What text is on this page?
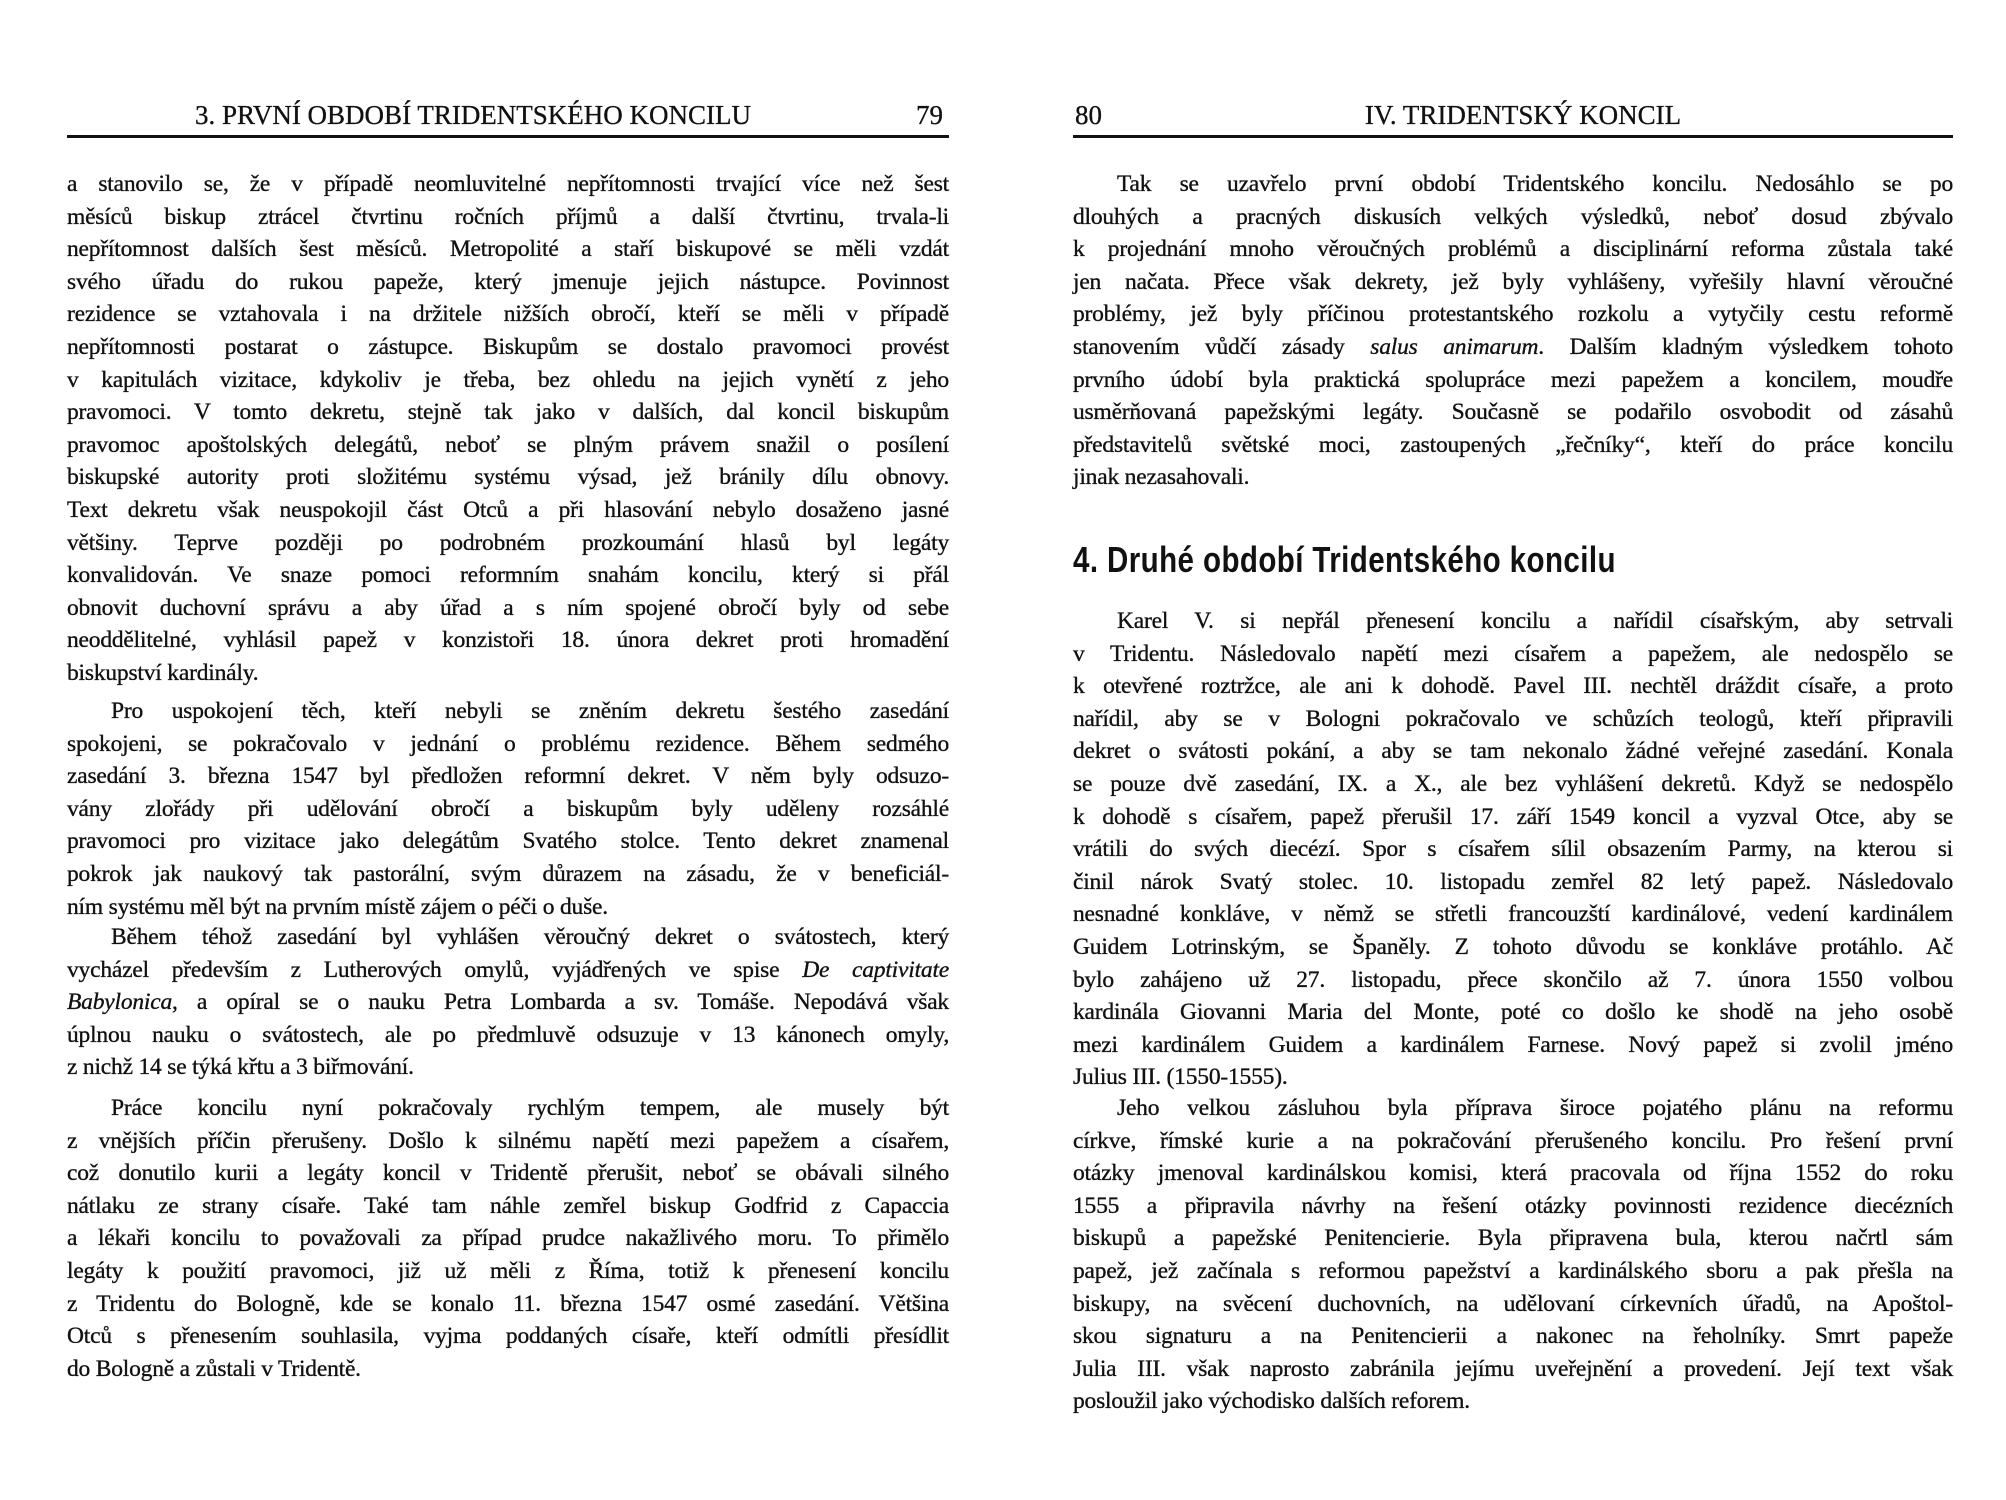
3. PRVNÍ OBDOBÍ TRIDENTSKÉHO KONCILU	79
a stanovilo se, že v případě neomluvitelné nepřítomnosti trvající více než šest
měsíců biskup ztrácel čtvrtinu ročních příjmů a další čtvrtinu, trvala-li
nepřítomnost dalších šest měsíců. Metropolité a staří biskupové se měli vzdát
svého úřadu do rukou papeže, který jmenuje jejich nástupce. Povinnost
rezidence se vztahovala i na držitele nižších obročí, kteří se měli v případě
nepřítomnosti postarat o zástupce. Biskupům se dostalo pravomoci provést
v kapitulách vizitace, kdykoliv je třeba, bez ohledu na jejich vynětí z jeho
pravomoci. V tomto dekretu, stejně tak jako v dalších, dal koncil biskupům
pravomoc apoštolských delegátů, neboť se plným právem snažil o posílení
biskupské autority proti složitému systému výsad, jež bránily dílu obnovy.
Text dekretu však neuspokojil část Otců a při hlasování nebylo dosaženo jasné
většiny. Teprve později po podrobném prozkoumání hlasů byl legáty
konvalidován. Ve snaze pomoci reformním snahám koncilu, který si přál
obnovit duchovní správu a aby úřad a s ním spojené obročí byly od sebe
neoddělitelné, vyhlásil papež v konzistoři 18. února dekret proti hromadění
biskupství kardinály.
Pro uspokojení těch, kteří nebyli se zněním dekretu šestého zasedání
spokojeni, se pokračovalo v jednání o problému rezidence. Během sedmého
zasedání 3. března 1547 byl předložen reformní dekret. V něm byly odsuzo-
vány zlořády při udělování obročí a biskupům byly uděleny rozsáhlé
pravomoci pro vizitace jako delegátům Svatého stolce. Tento dekret znamenal
pokrok jak naukový tak pastorální, svým důrazem na zásadu, že v beneficiál-
ním systému měl být na prvním místě zájem o péči o duše.
Během téhož zasedání byl vyhlášen věroučný dekret o svátostech, který
vycházel především z Lutherových omylů, vyjádřených ve spise De captivitate
Babylonica, a opíral se o nauku Petra Lombarda a sv. Tomáše. Nepodává však
úplnou nauku o svátostech, ale po předmluvě odsuzuje v 13 kánonech omyly,
z nichž 14 se týká křtu a 3 biřmování.
Práce koncilu nyní pokračovaly rychlým tempem, ale musely být
z vnějších příčin přerušeny. Došlo k silnému napětí mezi papežem a císařem,
což donutilo kurii a legáty koncil v Tridentě přerušit, neboť se obávali silného
nátlaku ze strany císaře. Také tam náhle zemřel biskup Godfrid z Capaccia
a lékaři koncilu to považovali za případ prudce nakažlivého moru. To přimělo
legáty k použití pravomoci, již už měli z Říma, totiž k přenesení koncilu
z Tridentu do Bologně, kde se konalo 11. března 1547 osmé zasedání. Většina
Otců s přenesením souhlasila, vyjma poddaných císaře, kteří odmítli přesídlit
do Bologně a zůstali v Tridentě.
80	IV. TRIDENTSKÝ KONCIL
Tak se uzavřelo první období Tridentského koncilu. Nedosáhlo se po
dlouhých a pracných diskusích velkých výsledků, neboť dosud zbývalo
k projednání mnoho věroučných problémů a disciplinární reforma zůstala také
jen načata. Přece však dekrety, jež byly vyhlášeny, vyřešily hlavní věroučné
problémy, jež byly příčinou protestantského rozkolu a vytyčily cestu reformě
stanovením vůdčí zásady salus animarum. Dalším kladným výsledkem tohoto
prvního údobí byla praktická spolupráce mezi papežem a koncilem, moudře
usměrňovaná papežskými legáty. Současně se podařilo osvobodit od zásahů
představitelů světské moci, zastoupených „řečníky“, kteří do práce koncilu
jinak nezasahovali.
4. Druhé období Tridentského koncilu
Karel V. si nepřál přenesení koncilu a nařídil císařským, aby setrvali
v Tridentu. Následovalo napětí mezi císařem a papežem, ale nedospělo se
k otevřené roztržce, ale ani k dohodě. Pavel III. nechtěl dráždit císaře, a proto
nařídil, aby se v Bologni pokračovalo ve schůzích teologů, kteří připravili
dekret o svátosti pokání, a aby se tam nekonalo žádné veřejné zasedání. Konala
se pouze dvě zasedání, IX. a X., ale bez vyhlášení dekretů. Když se nedospělo
k dohodě s císařem, papež přerušil 17. září 1549 koncil a vyzval Otce, aby se
vrátili do svých diecézí. Spor s císařem sílil obsazením Parmy, na kterou si
činil nárok Svatý stolec. 10. listopadu zemřel 82 letý papež. Následovalo
nesnadné konkláve, v němž se střetli francouzští kardinálové, vedení kardinálem
Guidem Lotrinským, se Španěly. Z tohoto důvodu se konkláve protáhlo. Ač
bylo zahájeno už 27. listopadu, přece skončilo až 7. února 1550 volbou
kardinála Giovanni Maria del Monte, poté co došlo ke shodě na jeho osobě
mezi kardinálem Guidem a kardinálem Farnese. Nový papež si zvolil jméno
Julius III. (1550-1555).
Jeho velkou zásluhou byla příprava široce pojatého plánu na reformu
církve, římské kurie a na pokračování přerušeného koncilu. Pro řešení první
otázky jmenoval kardinálskou komisi, která pracovala od října 1552 do roku
1555 a připravila návrhy na řešení otázky povinnosti rezidence diecézních
biskupů a papežské Penitencierie. Byla připravena bula, kterou načrtl sám
papež, jež začínala s reformou papežství a kardinálského sboru a pak přešla na
biskupy, na svěcení duchovních, na udělovaní církevních úřadů, na Apoštol-
skou signaturu a na Penitencierii a nakonec na řeholníky. Smrt papeže
Julia III. však naprosto zabránila jejímu uveřejnění a provedení. Její text však
posloužil jako východisko dalších reforem.
